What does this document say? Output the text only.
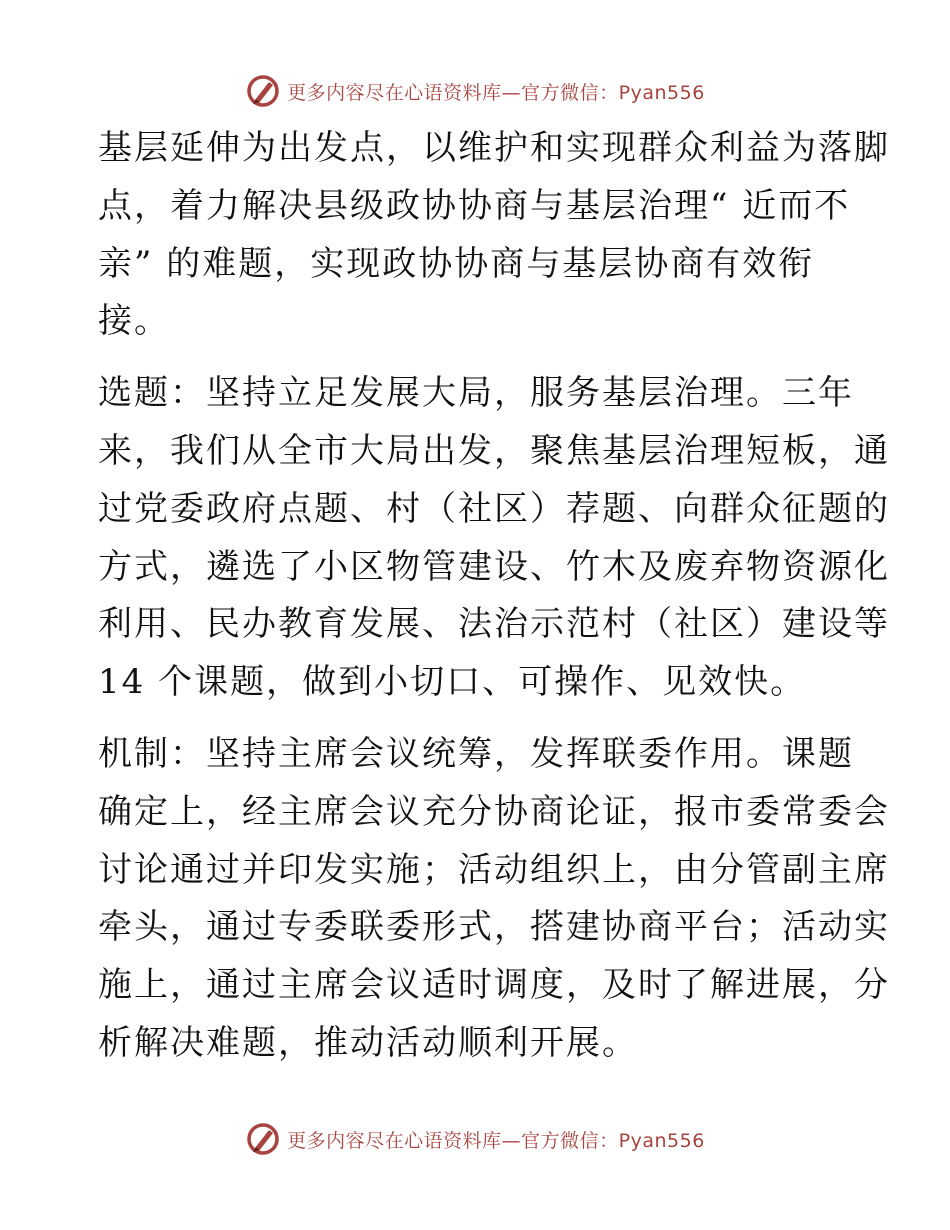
更多内容尽在心语资料库—官方微信：Pyan556
基层延伸为出发点，以维护和实现群众利益为落脚
点，着力解决县级政协协商与基层治理“ 近而不
亲” 的难题，实现政协协商与基层协商有效衔
接。
选题：坚持立足发展大局，服务基层治理。三年
来，我们从全市大局出发，聚焦基层治理短板，通
过党委政府点题、村（社区）荐题、向群众征题的
方式，遴选了小区物管建设、竹木及废弃物资源化
利用、民办教育发展、法治示范村（社区）建设等
14 个课题，做到小切口、可操作、见效快。
机制：坚持主席会议统筹，发挥联委作用。课题
确定上，经主席会议充分协商论证，报市委常委会
讨论通过并印发实施；活动组织上，由分管副主席
牵头，通过专委联委形式，搭建协商平台；活动实
施上，通过主席会议适时调度，及时了解进展，分
析解决难题，推动活动顺利开展。
更多内容尽在心语资料库—官方微信：Pyan556
